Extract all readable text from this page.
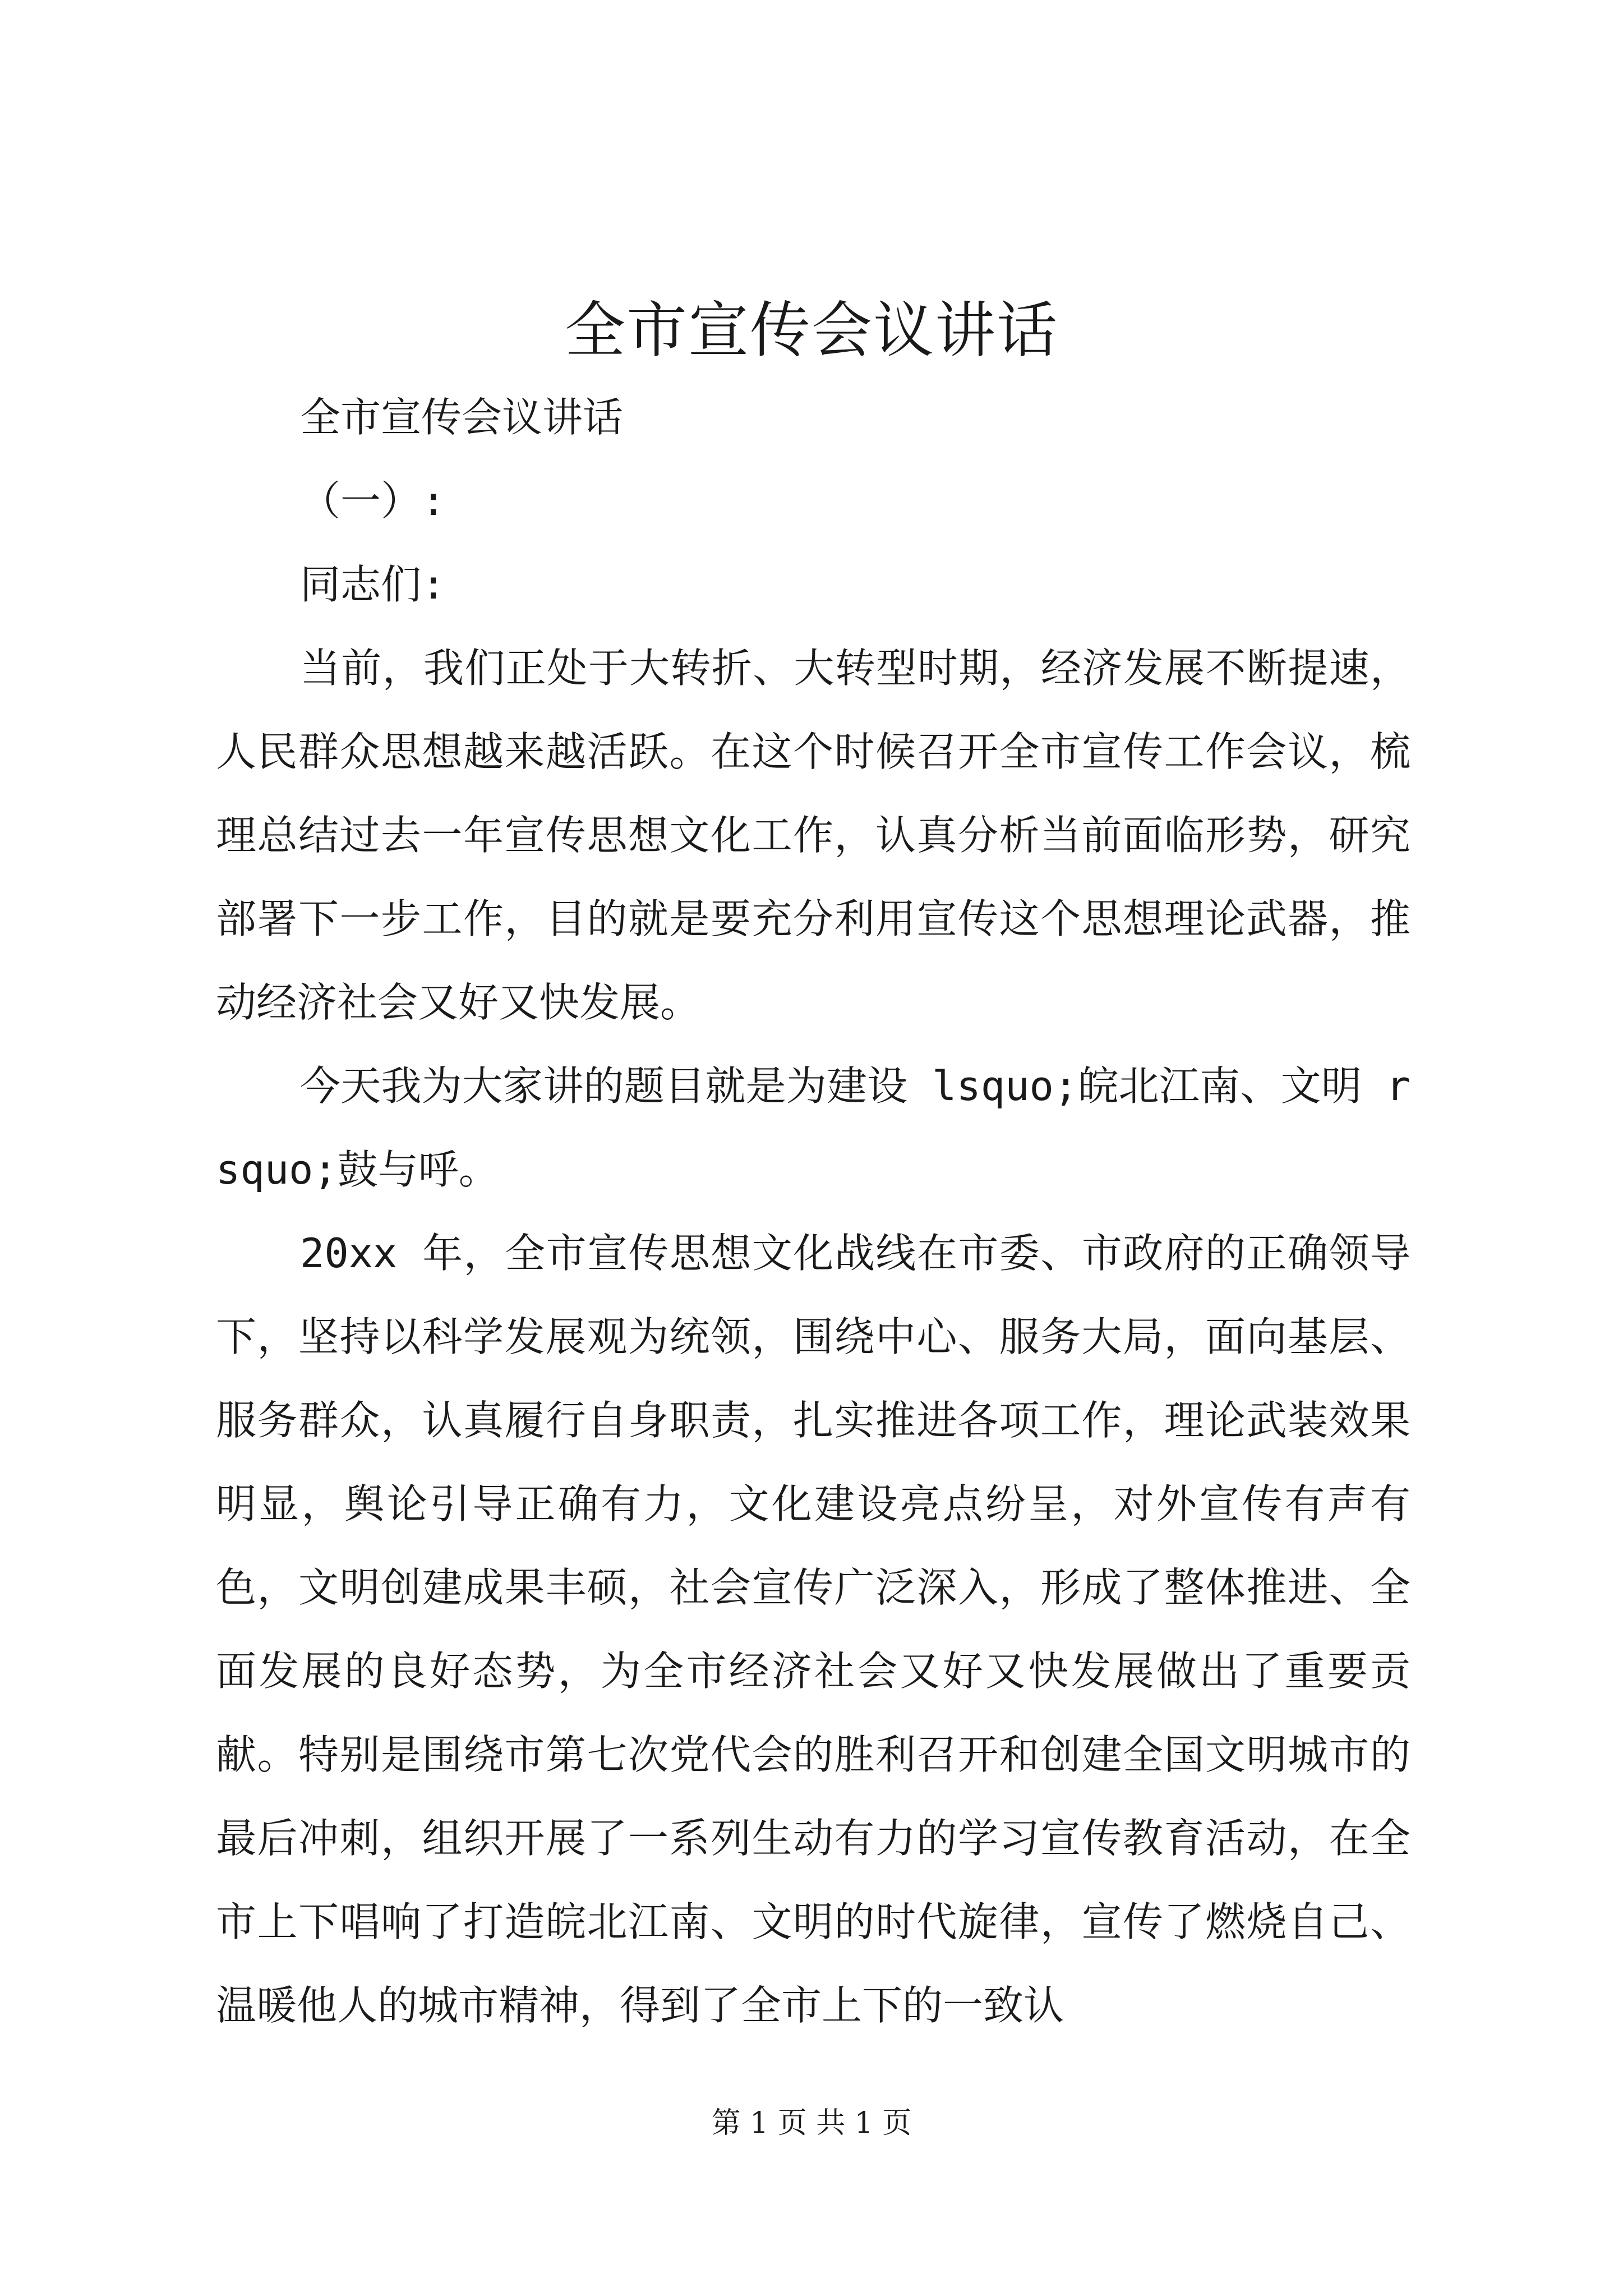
全市宣传会议讲话

全市宣传会议讲话

（一）:

同志们:

当前，我们正处于大转折、大转型时期，经济发展不断提速，人民群众思想越来越活跃。在这个时候召开全市宣传工作会议，梳理总结过去一年宣传思想文化工作，认真分析当前面临形势，研究部署下一步工作，目的就是要充分利用宣传这个思想理论武器，推动经济社会又好又快发展。

今天我为大家讲的题目就是为建设 lsquo;皖北江南、文明 rsquo;鼓与呼。

20xx 年，全市宣传思想文化战线在市委、市政府的正确领导下，坚持以科学发展观为统领，围绕中心、服务大局，面向基层、服务群众，认真履行自身职责，扎实推进各项工作，理论武装效果明显，舆论引导正确有力，文化建设亮点纷呈，对外宣传有声有色，文明创建成果丰硕，社会宣传广泛深入，形成了整体推进、全面发展的良好态势，为全市经济社会又好又快发展做出了重要贡献。特别是围绕市第七次党代会的胜利召开和创建全国文明城市的最后冲刺，组织开展了一系列生动有力的学习宣传教育活动，在全市上下唱响了打造皖北江南、文明的时代旋律，宣传了燃烧自己、温暖他人的城市精神，得到了全市上下的一致认

第 1 页 共 1 页
